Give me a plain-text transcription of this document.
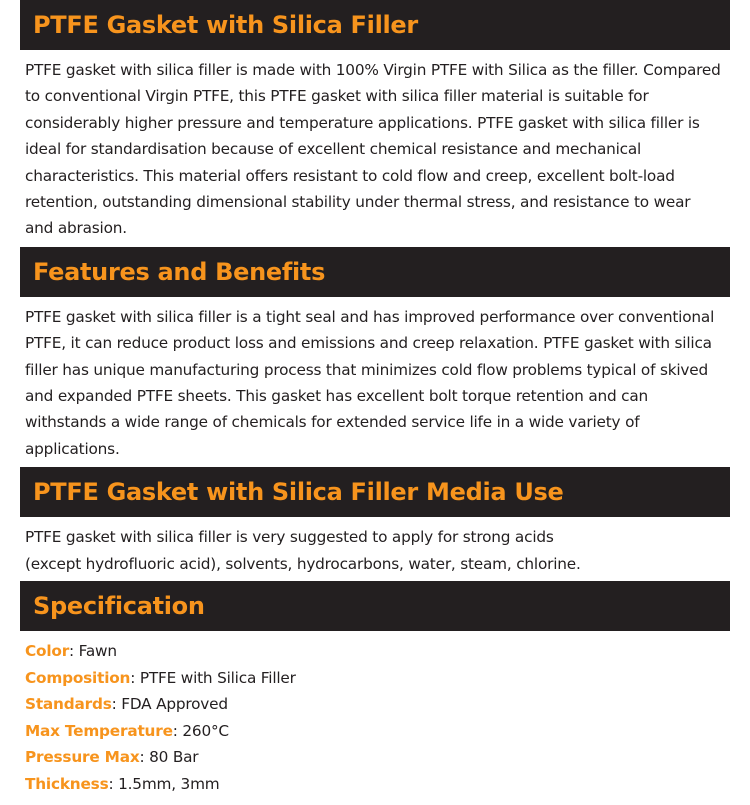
PTFE Gasket with Silica Filler

PTFE gasket with silica filler is made with 100% Virgin PTFE with Silica as the filler. Compared to conventional Virgin PTFE, this PTFE gasket with silica filler material is suitable for considerably higher pressure and temperature applications. PTFE gasket with silica filler is ideal for standardisation because of excellent chemical resistance and mechanical characteristics. This material offers resistant to cold flow and creep, excellent bolt-load retention, outstanding dimensional stability under thermal stress, and resistance to wear and abrasion.

Features and Benefits

PTFE gasket with silica filler is a tight seal and has improved performance over conventional PTFE, it can reduce product loss and emissions and creep relaxation. PTFE gasket with silica filler has unique manufacturing process that minimizes cold flow problems typical of skived and expanded PTFE sheets. This gasket has excellent bolt torque retention and can withstands a wide range of chemicals for extended service life in a wide variety of applications.

PTFE Gasket with Silica Filler Media Use

PTFE gasket with silica filler is very suggested to apply for strong acids

(except hydrofluoric acid), solvents, hydrocarbons, water, steam, chlorine.

Specification
Color: Fawn
Composition: PTFE with Silica Filler
Standards: FDA Approved
Max Temperature: 260°C
Pressure Max: 80 Bar
Thickness: 1.5mm, 3mm
